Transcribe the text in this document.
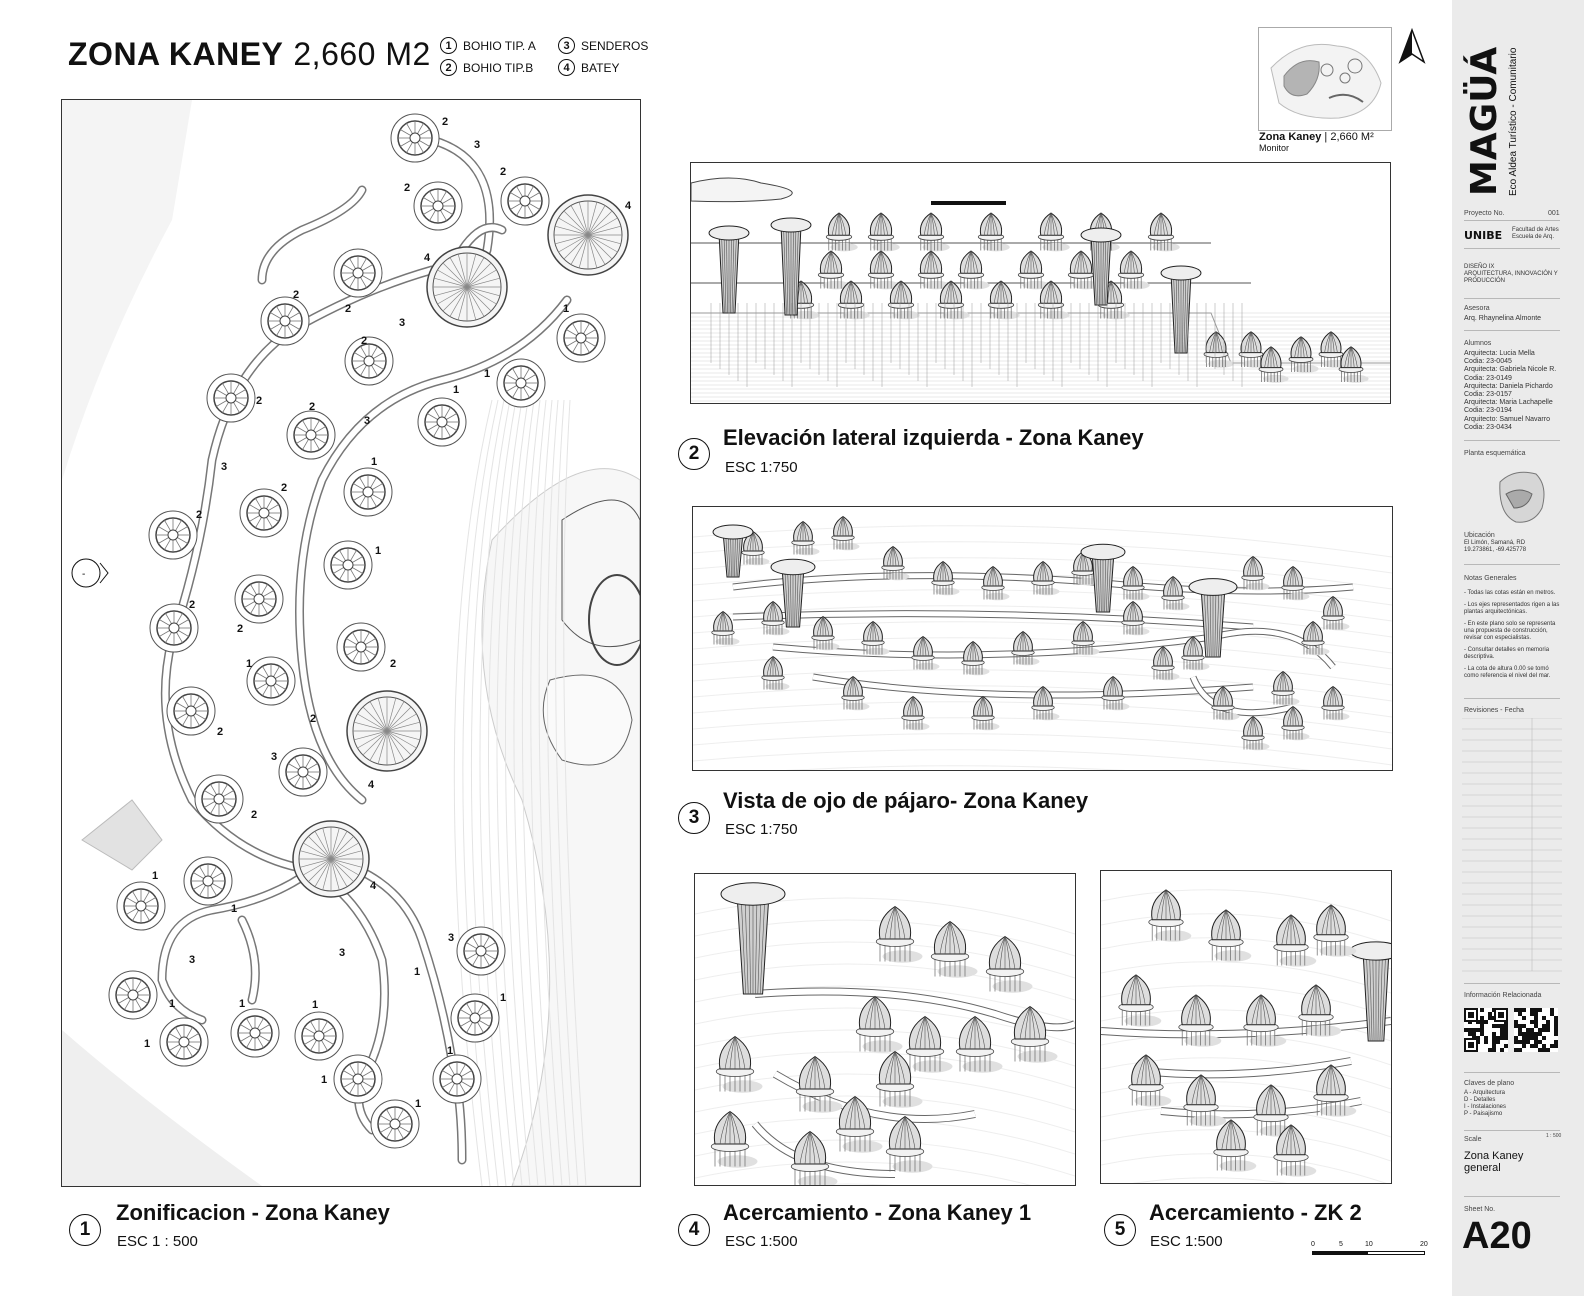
ZONA KANEY 2,660 M2	1 BOHIO TIP. A
2 BOHIO TIP.B
3 SENDEROS
4 BATEY
Zona Kaney | 2,660 M²
Monitor
-
2
3
2
2
4
4
2
2
3
2
1
1
1
2	2
3
3	1
2
2
1
2
2
1	2
2
3
2
4
2
4
1
1
3
3
1
3
1	1	1
1
1
1
1
1
1
Zonificacion - Zona Kaney
ESC 1 : 500
2
Elevación lateral izquierda - Zona Kaney
ESC 1:750
3
Vista de ojo de pájaro- Zona Kaney
ESC 1:750
4
Acercamiento - Zona Kaney 1
ESC 1:500
5
Acercamiento - ZK 2
ESC 1:500	0	5	10	20
MAGÜÁ Eco Aldea Turístico - Comunitario
Proyecto No.	001
UNIBE Facultad de Artes
Escuela de Arq.
DISEÑO IX
ARQUITECTURA, INNOVACIÓN Y
PRODUCCIÓN
Asesora
Arq. Rhaynelina Almonte
Alumnos
Arquitecta: Lucia Mella
Codia: 23-0045
Arquitecta: Gabriela Nicole R.
Codia: 23-0149
Arquitecta: Daniela Pichardo
Codia: 23-0157
Arquitecta: Maria Lachapelle
Codia: 23-0194
Arquitecto: Samuel Navarro
Codia: 23-0434
Planta esquemática
Ubicación
El Limón, Samaná, RD
19.273861, -69.425778
Notas Generales
- Todas las cotas están en metros.
- Los ejes representados rigen a las plantas arquitectónicas.
- En este plano solo se representa una propuesta de construcción, revisar con especialistas.
- Consultar detalles en memoria descriptiva.
- La cota de altura 0.00 se tomó como referencia el nivel del mar.
Revisiones - Fecha
Información Relacionada
Claves de plano
A - Arquitectura
D - Detalles
I - Instalaciones
P - Paisajismo
Scale	1 : 500
Zona Kaney
general
Sheet No.
A20
